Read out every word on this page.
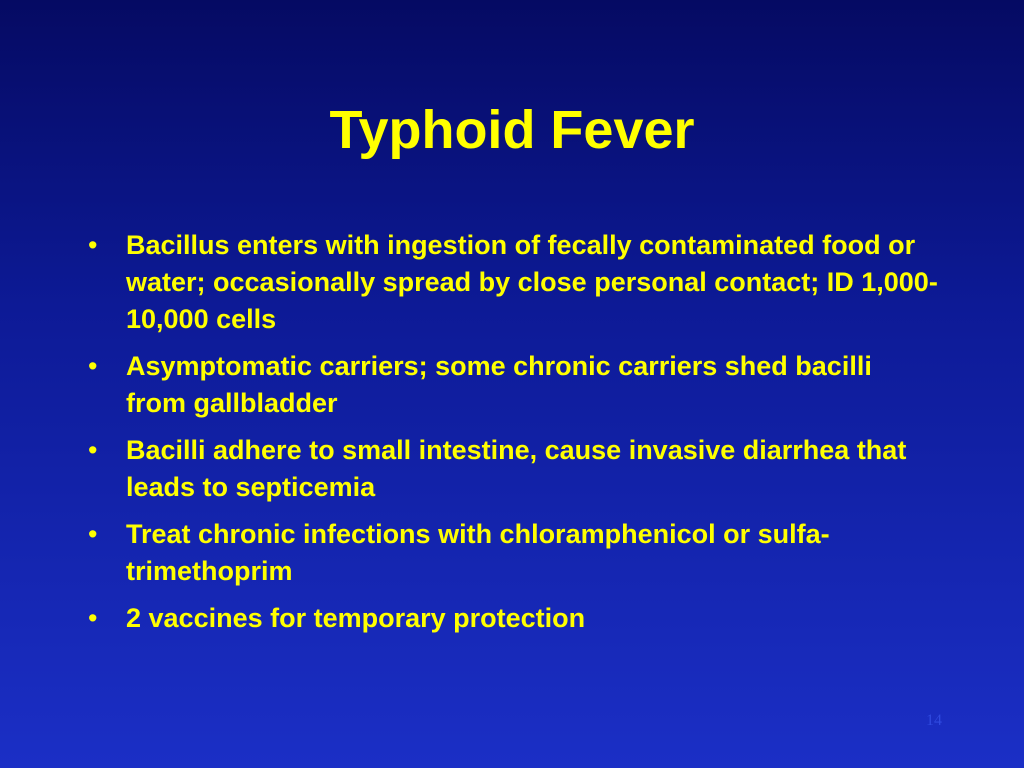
Typhoid Fever
• Bacillus enters with ingestion of fecally contaminated food or water; occasionally spread by close personal contact; ID 1,000-10,000 cells
• Asymptomatic carriers; some chronic carriers shed bacilli from gallbladder
• Bacilli adhere to small intestine, cause invasive diarrhea that leads to septicemia
• Treat chronic infections with chloramphenicol or sulfa-trimethoprim
• 2 vaccines for temporary protection
14
